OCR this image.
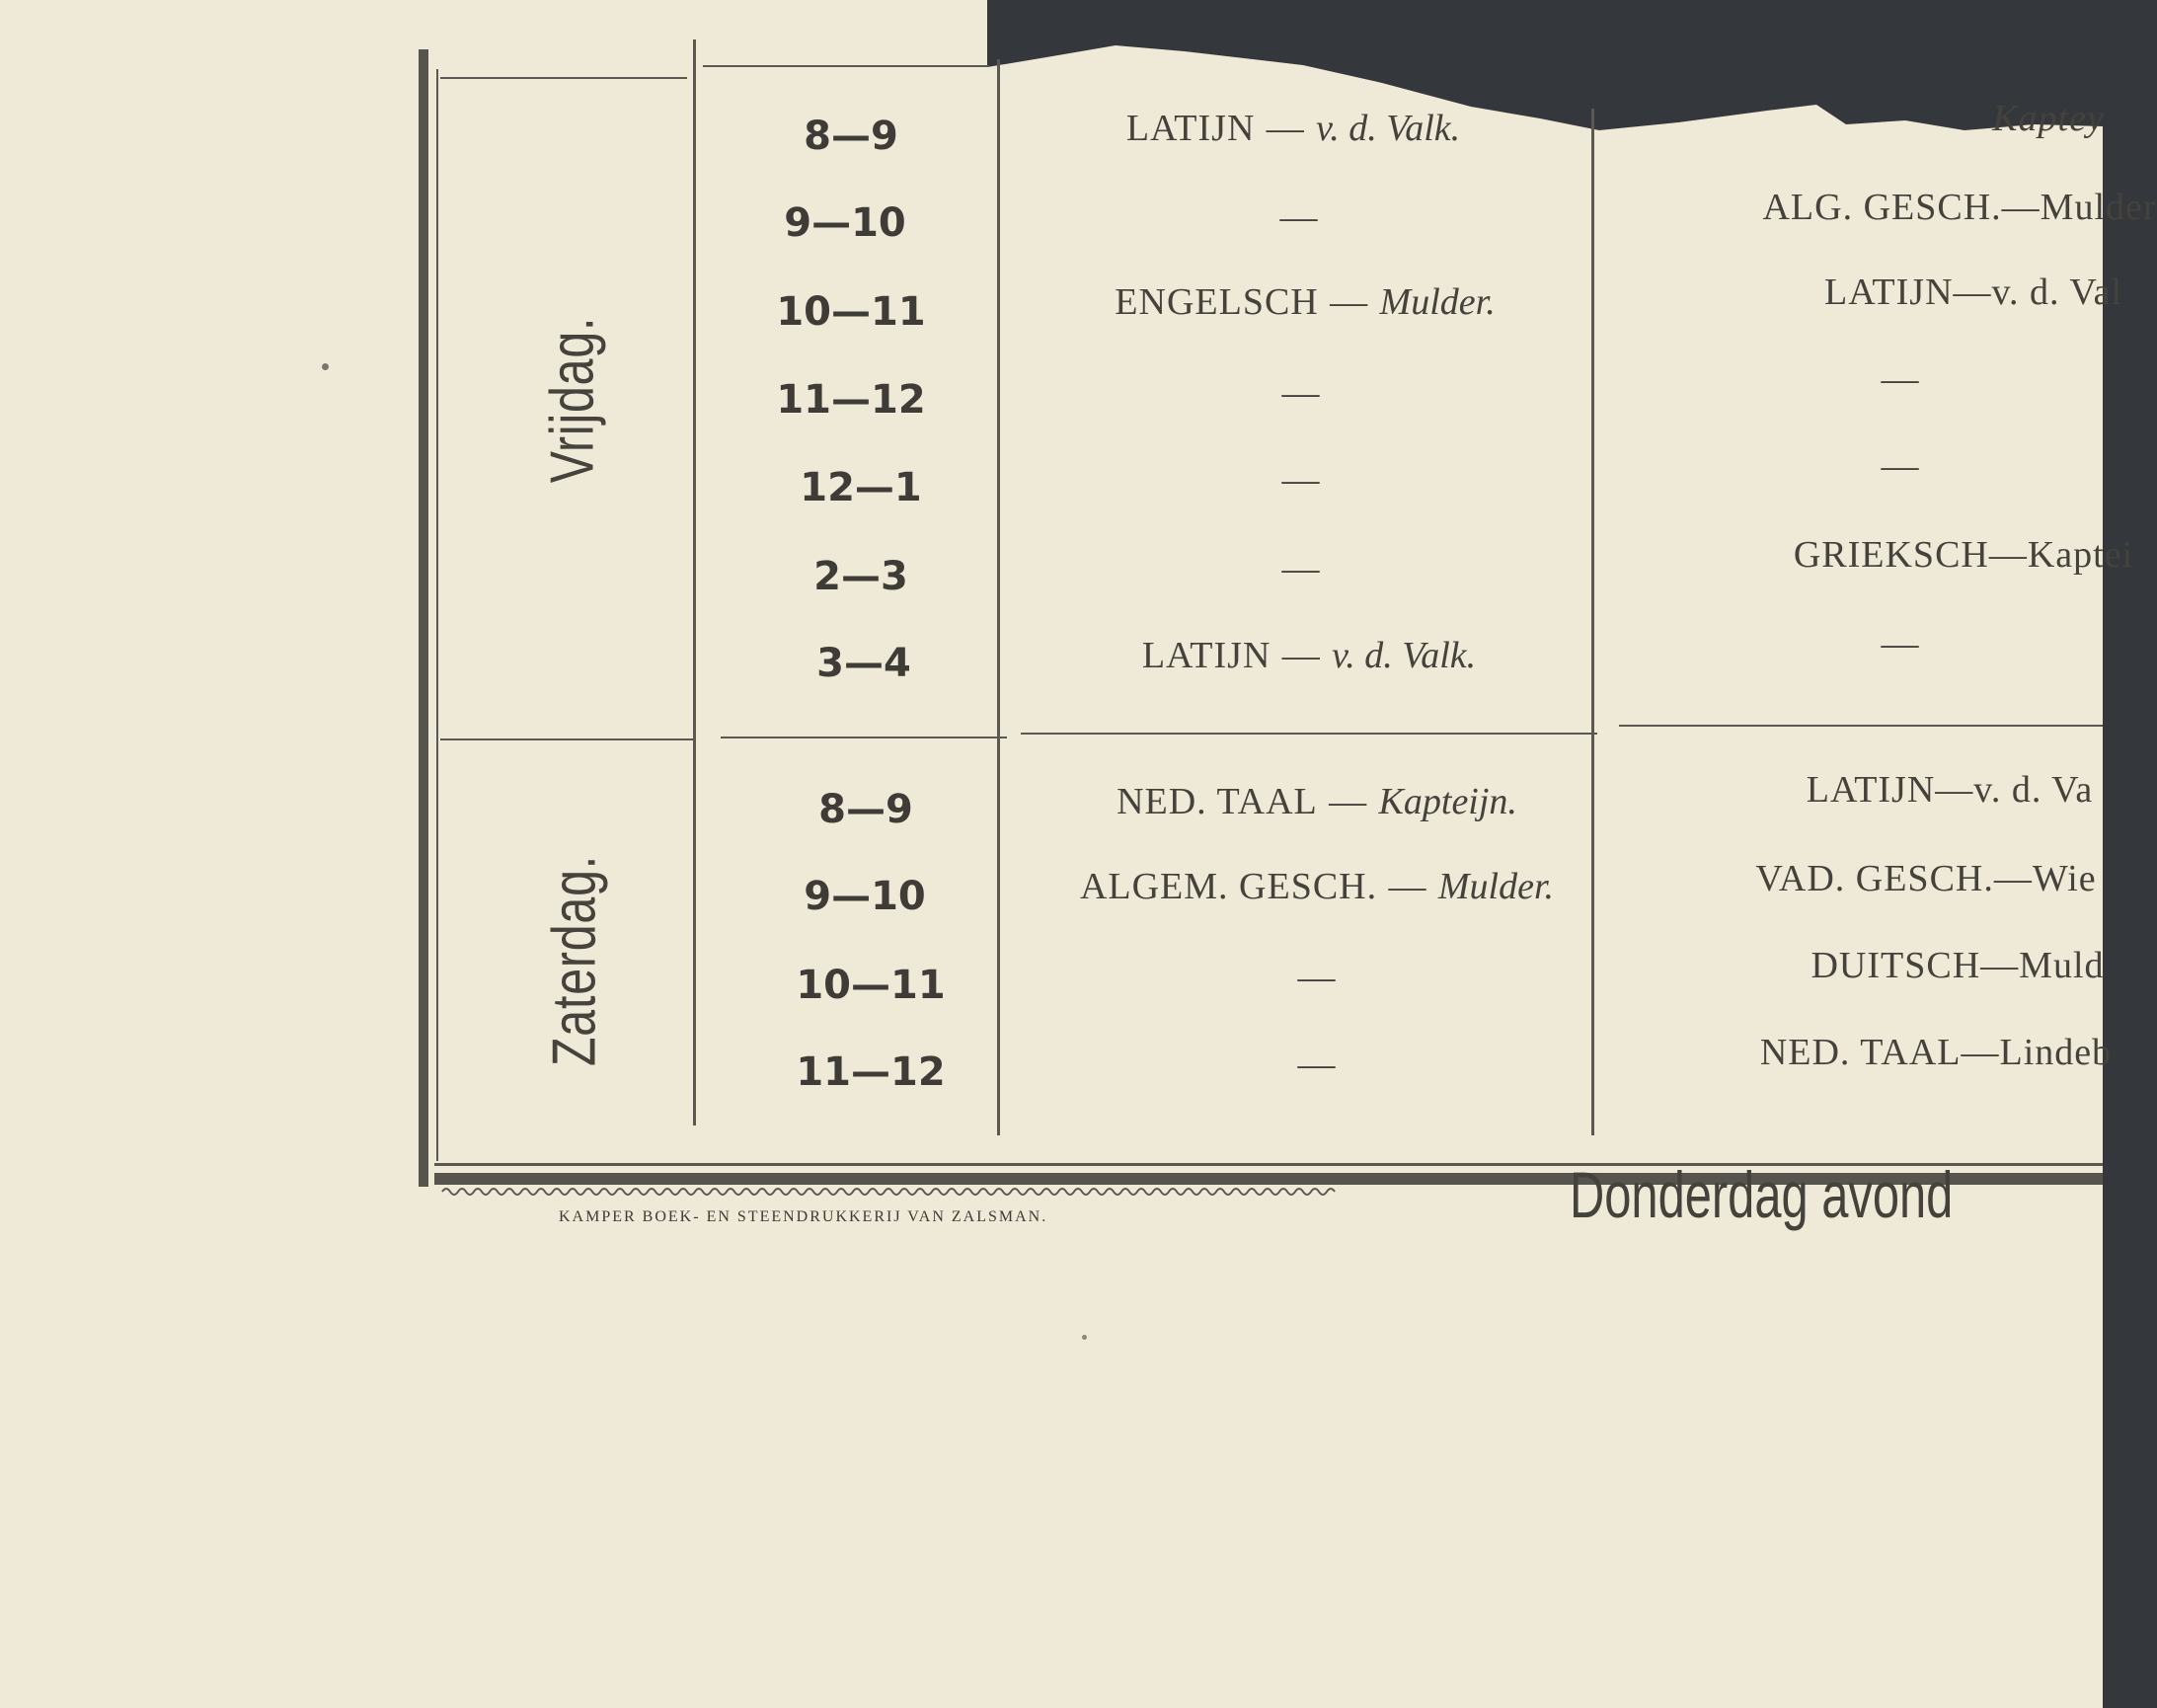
Vrijdag.
Zaterdag.
8—9
9—10
10—11
11—12
12—1
2—3
3—4
8—9
9—10
10—11
11—12
LATIJN — v. d. Valk.
—
ENGELSCH — Mulder.
—
—
—
LATIJN — v. d. Valk.
NED. TAAL — Kapteijn.
ALGEM. GESCH. — Mulder.
—
—
ALG. GESCH.—Mulder
LATIJN—v. d. Val
—
—
GRIEKSCH—Kaptei
—
Kaptey
LATIJN—v. d. Va
VAD. GESCH.—Wie
DUITSCH—Muld
NED. TAAL—Lindeb
KAMPER BOEK- EN STEENDRUKKERIJ VAN ZALSMAN.	Donderdag avond
